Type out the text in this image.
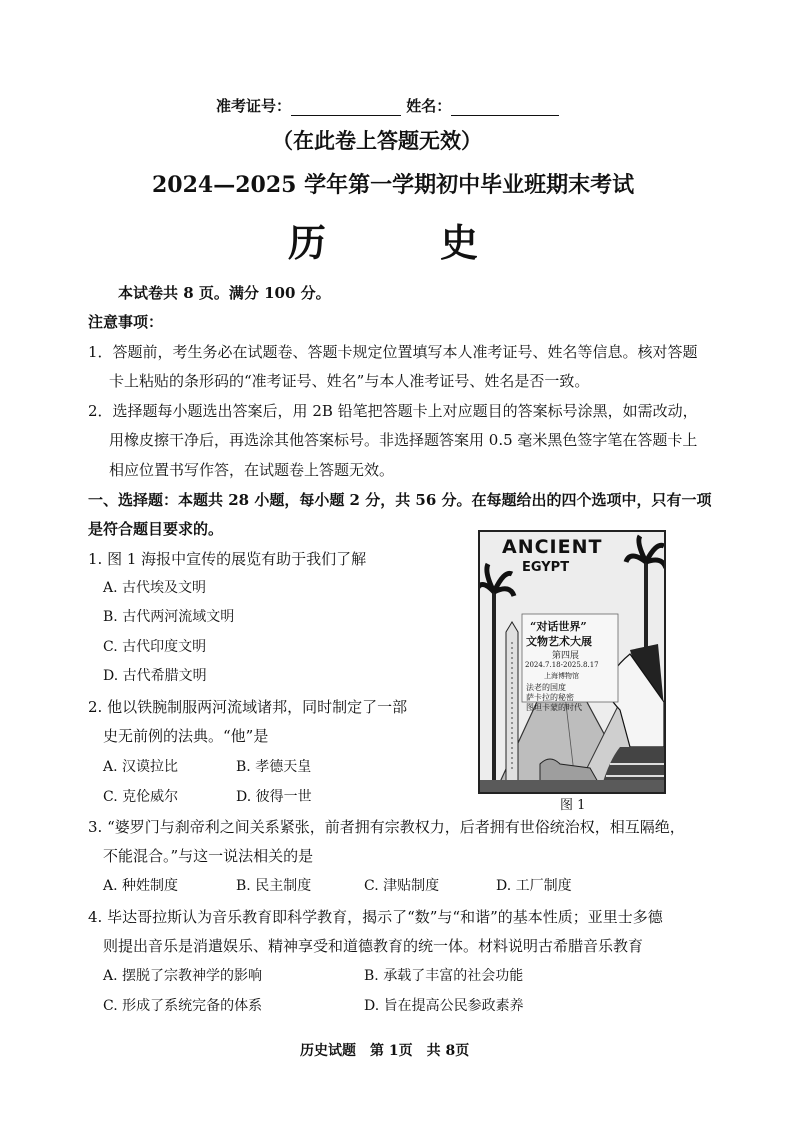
准考证号：	姓名：
（在此卷上答题无效）
2024—2025 学年第一学期初中毕业班期末考试
历	史
本试卷共 8 页。满分 100 分。
注意事项：
1．答题前，考生务必在试题卷、答题卡规定位置填写本人准考证号、姓名等信息。核对答题
卡上粘贴的条形码的“准考证号、姓名”与本人准考证号、姓名是否一致。
2．选择题每小题选出答案后，用 2B 铅笔把答题卡上对应题目的答案标号涂黑，如需改动，
用橡皮擦干净后，再选涂其他答案标号。非选择题答案用 0.5 毫米黑色签字笔在答题卡上
相应位置书写作答，在试题卷上答题无效。
一、选择题：本题共 28 小题，每小题 2 分，共 56 分。在每题给出的四个选项中，只有一项
是符合题目要求的。
1. 图 1 海报中宣传的展览有助于我们了解
A. 古代埃及文明
B. 古代两河流域文明
C. 古代印度文明
D. 古代希腊文明
ANCIENT
EGYPT
“对话世界”
文物艺术大展
第四展
2024.7.18-2025.8.17
上海博物馆
法老的国度
萨卡拉的秘密
图坦卡蒙的时代
图 1
2. 他以铁腕制服两河流域诸邦，同时制定了一部
史无前例的法典。“他”是
A. 汉谟拉比	B. 孝德天皇
C. 克伦威尔	D. 彼得一世
3. “婆罗门与刹帝利之间关系紧张，前者拥有宗教权力，后者拥有世俗统治权，相互隔绝，
不能混合。”与这一说法相关的是
A. 种姓制度	B. 民主制度	C. 津贴制度	D. 工厂制度
4. 毕达哥拉斯认为音乐教育即科学教育，揭示了“数”与“和谐”的基本性质；亚里士多德
则提出音乐是消遣娱乐、精神享受和道德教育的统一体。材料说明古希腊音乐教育
A. 摆脱了宗教神学的影响	B. 承载了丰富的社会功能
C. 形成了系统完备的体系	D. 旨在提高公民参政素养
历史试题　第 1页　共 8页
